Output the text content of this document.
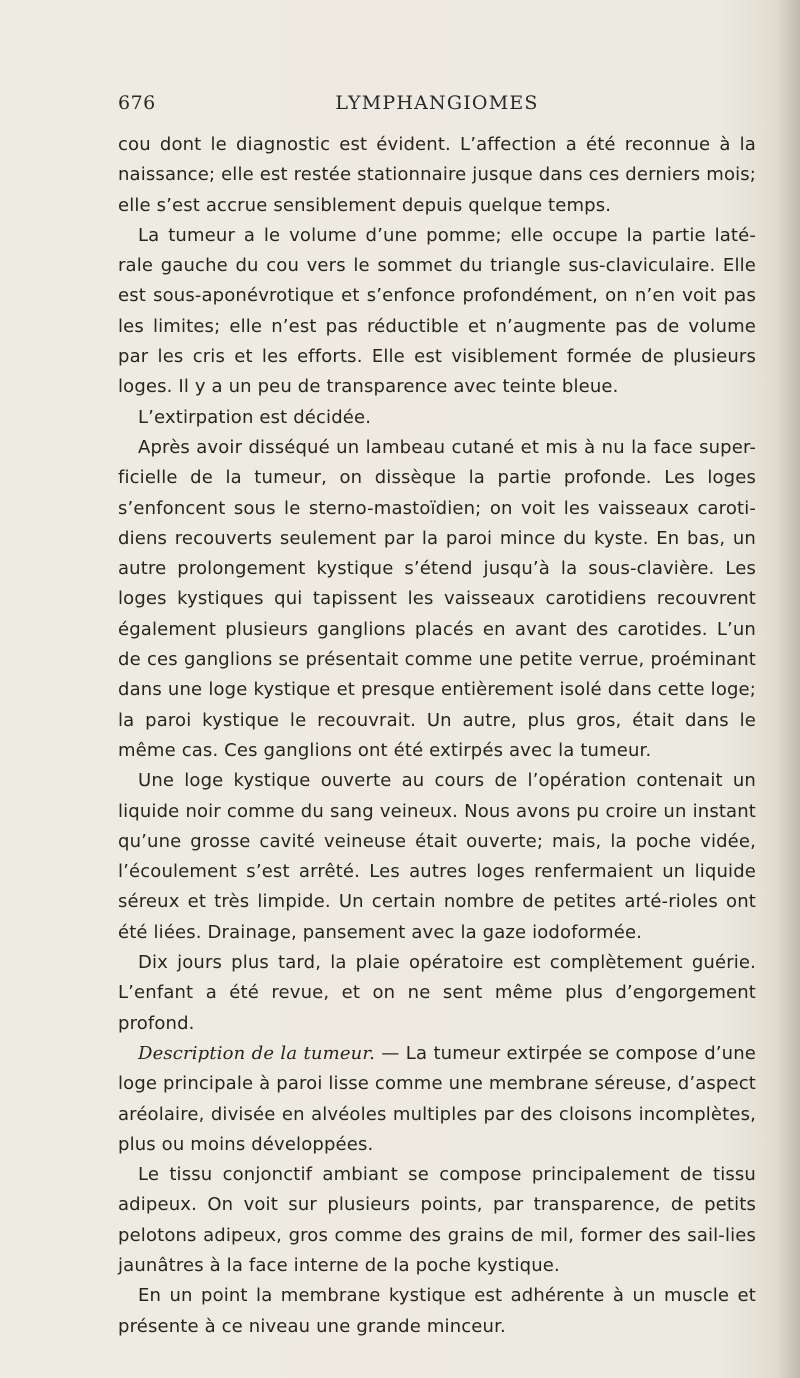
676	LYMPHANGIOMES

cou dont le diagnostic est évident. L’affection a été reconnue à la naissance; elle est restée stationnaire jusque dans ces derniers mois; elle s’est accrue sensiblement depuis quelque temps.

La tumeur a le volume d’une pomme; elle occupe la partie laté-rale gauche du cou vers le sommet du triangle sus-claviculaire. Elle est sous-aponévrotique et s’enfonce profondément, on n’en voit pas les limites; elle n’est pas réductible et n’augmente pas de volume par les cris et les efforts. Elle est visiblement formée de plusieurs loges. Il y a un peu de transparence avec teinte bleue.

L’extirpation est décidée.

Après avoir disséqué un lambeau cutané et mis à nu la face super-ficielle de la tumeur, on dissèque la partie profonde. Les loges s’enfoncent sous le sterno-mastoïdien; on voit les vaisseaux caroti-diens recouverts seulement par la paroi mince du kyste. En bas, un autre prolongement kystique s’étend jusqu’à la sous-clavière. Les loges kystiques qui tapissent les vaisseaux carotidiens recouvrent également plusieurs ganglions placés en avant des carotides. L’un de ces ganglions se présentait comme une petite verrue, proéminant dans une loge kystique et presque entièrement isolé dans cette loge; la paroi kystique le recouvrait. Un autre, plus gros, était dans le même cas. Ces ganglions ont été extirpés avec la tumeur.

Une loge kystique ouverte au cours de l’opération contenait un liquide noir comme du sang veineux. Nous avons pu croire un instant qu’une grosse cavité veineuse était ouverte; mais, la poche vidée, l’écoulement s’est arrêté. Les autres loges renfermaient un liquide séreux et très limpide. Un certain nombre de petites arté-rioles ont été liées. Drainage, pansement avec la gaze iodoformée.

Dix jours plus tard, la plaie opératoire est complètement guérie. L’enfant a été revue, et on ne sent même plus d’engorgement profond.

Description de la tumeur. — La tumeur extirpée se compose d’une loge principale à paroi lisse comme une membrane séreuse, d’aspect aréolaire, divisée en alvéoles multiples par des cloisons incomplètes, plus ou moins développées.

Le tissu conjonctif ambiant se compose principalement de tissu adipeux. On voit sur plusieurs points, par transparence, de petits pelotons adipeux, gros comme des grains de mil, former des sail-lies jaunâtres à la face interne de la poche kystique.

En un point la membrane kystique est adhérente à un muscle et présente à ce niveau une grande minceur.
